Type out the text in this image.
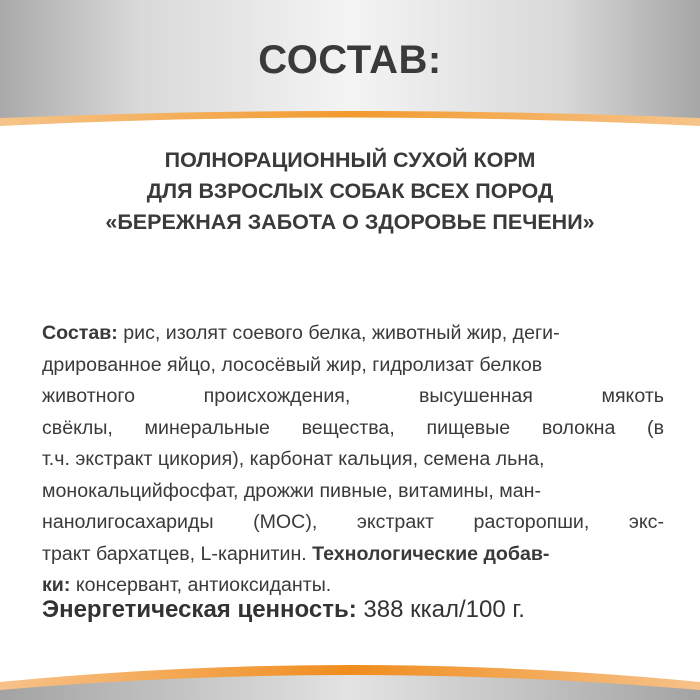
СОСТАВ:
ПОЛНОРАЦИОННЫЙ СУХОЙ КОРМ
ДЛЯ ВЗРОСЛЫХ СОБАК ВСЕХ ПОРОД
«БЕРЕЖНАЯ ЗАБОТА О ЗДОРОВЬЕ ПЕЧЕНИ»
Состав: рис, изолят соевого белка, животный жир, деги-
дрированное яйцо, лососёвый жир, гидролизат белков
животного происхождения, высушенная мякоть
свёклы, минеральные вещества, пищевые волокна (в
т.ч. экстракт цикория), карбонат кальция, семена льна,
монокальцийфосфат, дрожжи пивные, витамины, ман-
нанолигосахариды (МОС), экстракт расторопши, экс-
тракт бархатцев, L-карнитин. Технологические добав-
ки: консервант, антиоксиданты.
Энергетическая ценность: 388 ккал/100 г.
